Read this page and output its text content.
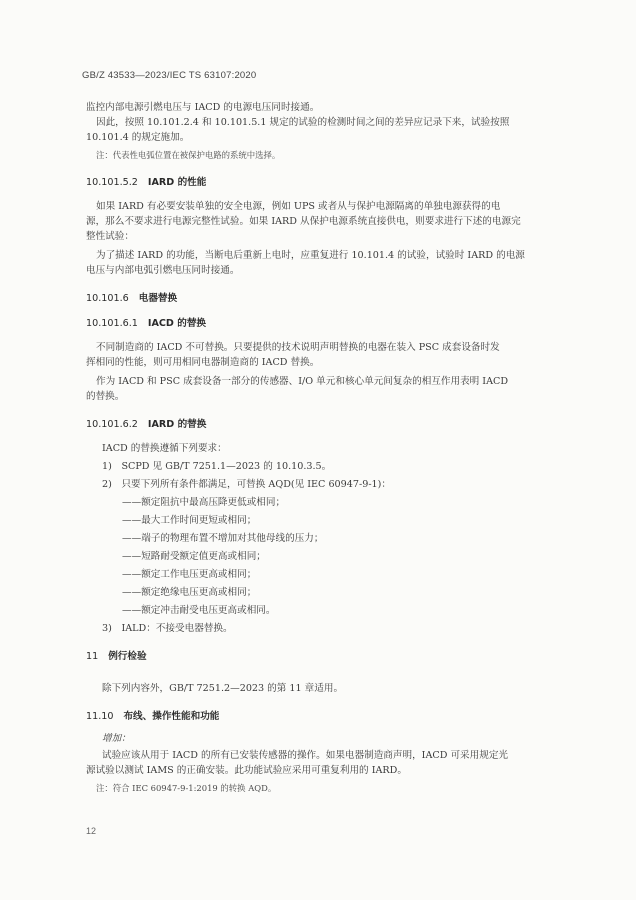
GB/Z 43533—2023/IEC TS 63107:2020
监控内部电源引燃电压与 IACD 的电源电压同时接通。
因此，按照 10.101.2.4 和 10.101.5.1 规定的试验的检测时间之间的差异应记录下来，试验按照
10.101.4 的规定施加。
注：代表性电弧位置在被保护电路的系统中选择。
10.101.5.2 IARD 的性能
如果 IARD 有必要安装单独的安全电源，例如 UPS 或者从与保护电源隔离的单独电源获得的电
源，那么不要求进行电源完整性试验。如果 IARD 从保护电源系统直接供电，则要求进行下述的电源完
整性试验：
为了描述 IARD 的功能，当断电后重新上电时，应重复进行 10.101.4 的试验，试验时 IARD 的电源
电压与内部电弧引燃电压同时接通。
10.101.6 电器替换
10.101.6.1 IACD 的替换
不同制造商的 IACD 不可替换。只要提供的技术说明声明替换的电器在装入 PSC 成套设备时发
挥相同的性能，则可用相同电器制造商的 IACD 替换。
作为 IACD 和 PSC 成套设备一部分的传感器、I/O 单元和核心单元间复杂的相互作用表明 IACD
的替换。
10.101.6.2 IARD 的替换
IACD 的替换遵循下列要求：
1)　SCPD 见 GB/T 7251.1—2023 的 10.10.3.5。
2)　只要下列所有条件都满足，可替换 AQD(见 IEC 60947-9-1)：
——额定阻抗中最高压降更低或相同；
——最大工作时间更短或相同；
——端子的物理布置不增加对其他母线的压力；
——短路耐受额定值更高或相同；
——额定工作电压更高或相同；
——额定绝缘电压更高或相同；
——额定冲击耐受电压更高或相同。
3)　IALD：不接受电器替换。
11 例行检验
除下列内容外，GB/T 7251.2—2023 的第 11 章适用。
11.10 布线、操作性能和功能
增加：
试验应该从用于 IACD 的所有已安装传感器的操作。如果电器制造商声明，IACD 可采用规定光
源试验以测试 IAMS 的正确安装。此功能试验应采用可重复利用的 IARD。
注：符合 IEC 60947-9-1:2019 的转换 AQD。
12
